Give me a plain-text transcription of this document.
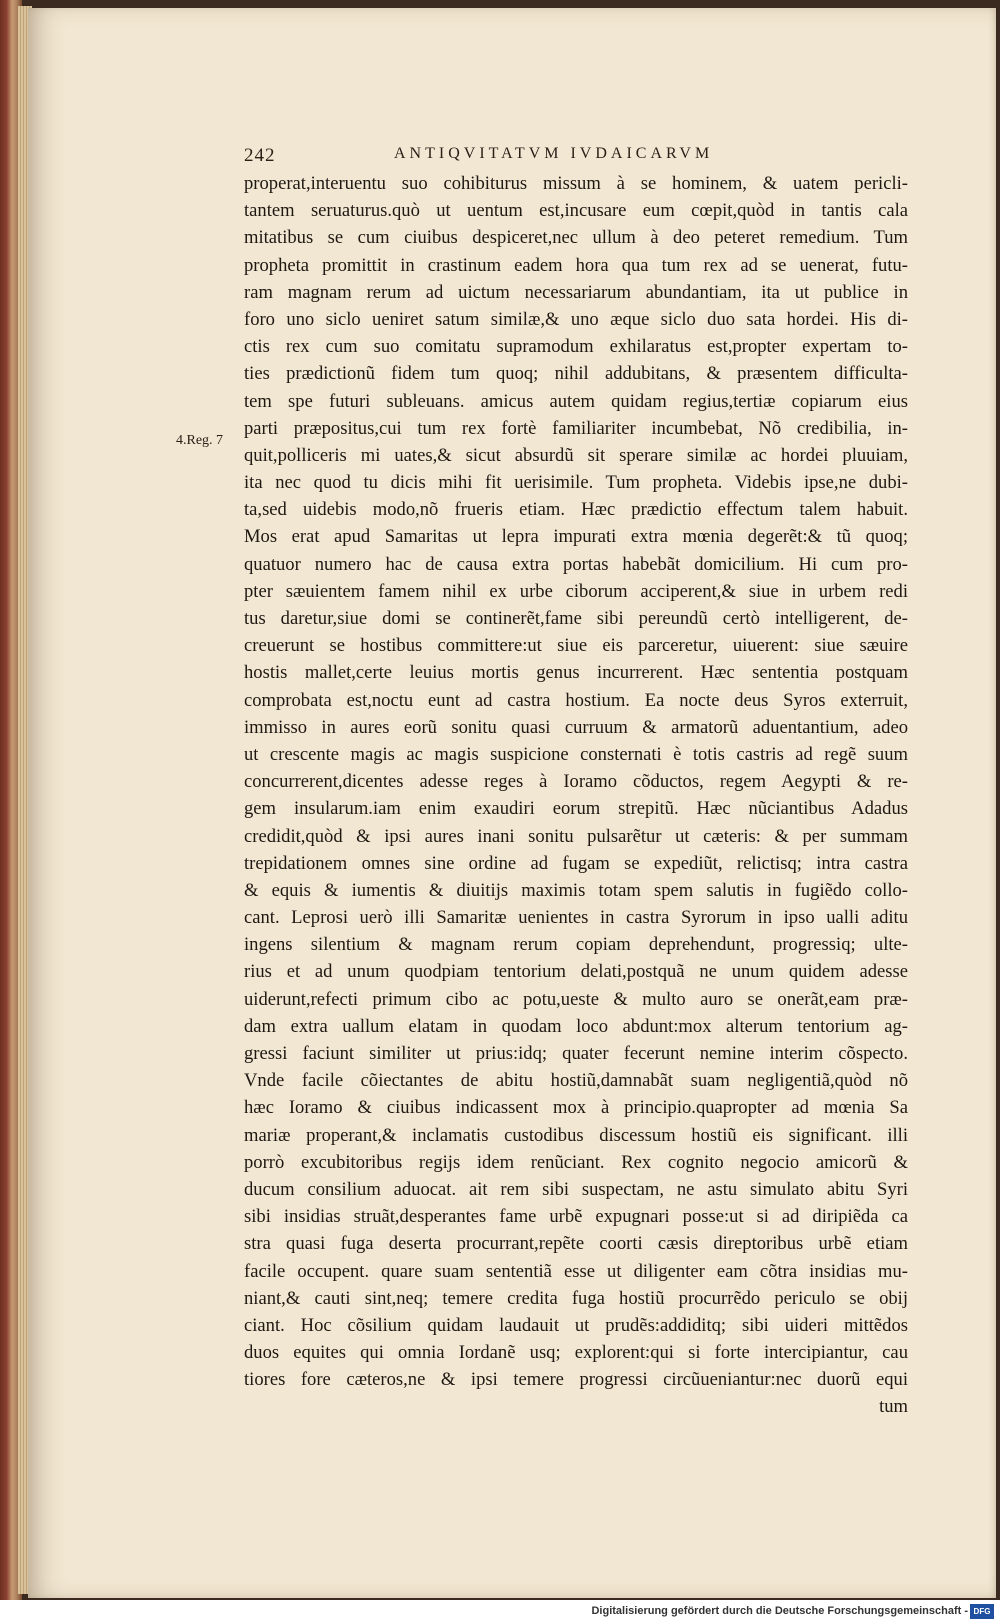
242	ANTIQVITATVM IVDAICARVM
4.Reg. 7
properat,interuentu suo cohibiturus missum à se hominem, & uatem pericli-
tantem seruaturus.quò ut uentum est,incusare eum cœpit,quòd in tantis cala
mitatibus se cum ciuibus despiceret,nec ullum à deo peteret remedium. Tum
propheta promittit in crastinum eadem hora qua tum rex ad se uenerat, futu-
ram magnam rerum ad uictum necessariarum abundantiam, ita ut publice in
foro uno siclo ueniret satum similæ,& uno æque siclo duo sata hordei. His di-
ctis rex cum suo comitatu supramodum exhilaratus est,propter expertam to-
ties prædictionũ fidem tum quoq; nihil addubitans, & præsentem difficulta-
tem spe futuri subleuans. amicus autem quidam regius,tertiæ copiarum eius
parti præpositus,cui tum rex fortè familiariter incumbebat, Nõ credibilia, in-
quit,polliceris mi uates,& sicut absurdũ sit sperare similæ ac hordei pluuiam,
ita nec quod tu dicis mihi fit uerisimile. Tum propheta. Videbis ipse,ne dubi-
ta,sed uidebis modo,nõ frueris etiam. Hæc prædictio effectum talem habuit.
Mos erat apud Samaritas ut lepra impurati extra mœnia degerẽt:& tũ quoq;
quatuor numero hac de causa extra portas habebãt domicilium. Hi cum pro-
pter sæuientem famem nihil ex urbe ciborum acciperent,& siue in urbem redi
tus daretur,siue domi se continerẽt,fame sibi pereundũ certò intelligerent, de-
creuerunt se hostibus committere:ut siue eis parceretur, uiuerent: siue sæuire
hostis mallet,certe leuius mortis genus incurrerent. Hæc sententia postquam
comprobata est,noctu eunt ad castra hostium. Ea nocte deus Syros exterruit,
immisso in aures eorũ sonitu quasi curruum & armatorũ aduentantium, adeo
ut crescente magis ac magis suspicione consternati è totis castris ad regẽ suum
concurrerent,dicentes adesse reges à Ioramo cõductos, regem Aegypti & re-
gem insularum.iam enim exaudiri eorum strepitũ. Hæc nũciantibus Adadus
credidit,quòd & ipsi aures inani sonitu pulsarẽtur ut cæteris: & per summam
trepidationem omnes sine ordine ad fugam se expediũt, relictisq; intra castra
& equis & iumentis & diuitijs maximis totam spem salutis in fugiẽdo collo-
cant. Leprosi uerò illi Samaritæ uenientes in castra Syrorum in ipso ualli aditu
ingens silentium & magnam rerum copiam deprehendunt, progressiq; ulte-
rius et ad unum quodpiam tentorium delati,postquã ne unum quidem adesse
uiderunt,refecti primum cibo ac potu,ueste & multo auro se onerãt,eam præ-
dam extra uallum elatam in quodam loco abdunt:mox alterum tentorium ag-
gressi faciunt similiter ut prius:idq; quater fecerunt nemine interim cõspecto.
Vnde facile cõiectantes de abitu hostiũ,damnabãt suam negligentiã,quòd nõ
hæc Ioramo & ciuibus indicassent mox à principio.quapropter ad mœnia Sa
mariæ properant,& inclamatis custodibus discessum hostiũ eis significant. illi
porrò excubitoribus regijs idem renũciant. Rex cognito negocio amicorũ &
ducum consilium aduocat. ait rem sibi suspectam, ne astu simulato abitu Syri
sibi insidias struãt,desperantes fame urbẽ expugnari posse:ut si ad diripiẽda ca
stra quasi fuga deserta procurrant,repẽte coorti cæsis direptoribus urbẽ etiam
facile occupent. quare suam sententiã esse ut diligenter eam cõtra insidias mu-
niant,& cauti sint,neq; temere credita fuga hostiũ procurrẽdo periculo se obij
ciant. Hoc cõsilium quidam laudauit ut prudẽs:addiditq; sibi uideri mittẽdos
duos equites qui omnia Iordanẽ usq; explorent:qui si forte intercipiantur, cau
tiores fore cæteros,ne & ipsi temere progressi circũueniantur:nec duorũ equi
tum
Digitalisierung gefördert durch die Deutsche Forschungsgemeinschaft - DFG
